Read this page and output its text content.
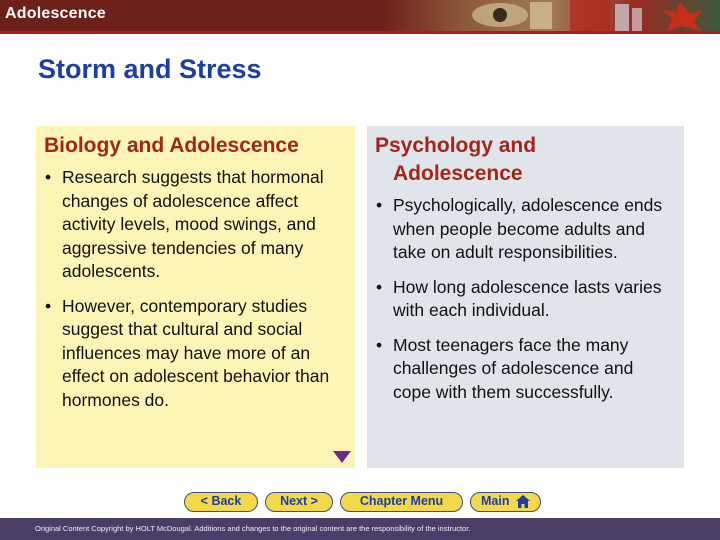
Adolescence
Storm and Stress
Biology and Adolescence
• Research suggests that hormonal changes of adolescence affect activity levels, mood swings, and aggressive tendencies of many adolescents.
• However, contemporary studies suggest that cultural and social influences may have more of an effect on adolescent behavior than hormones do.
Psychology and
Adolescence
• Psychologically, adolescence ends when people become adults and take on adult responsibilities.
• How long adolescence lasts varies with each individual.
• Most teenagers face the many challenges of adolescence and cope with them successfully.
< Back	Next >	Chapter Menu	Main
Original Content Copyright by HOLT McDougal. Additions and changes to the original content are the responsibility of the instructor.
